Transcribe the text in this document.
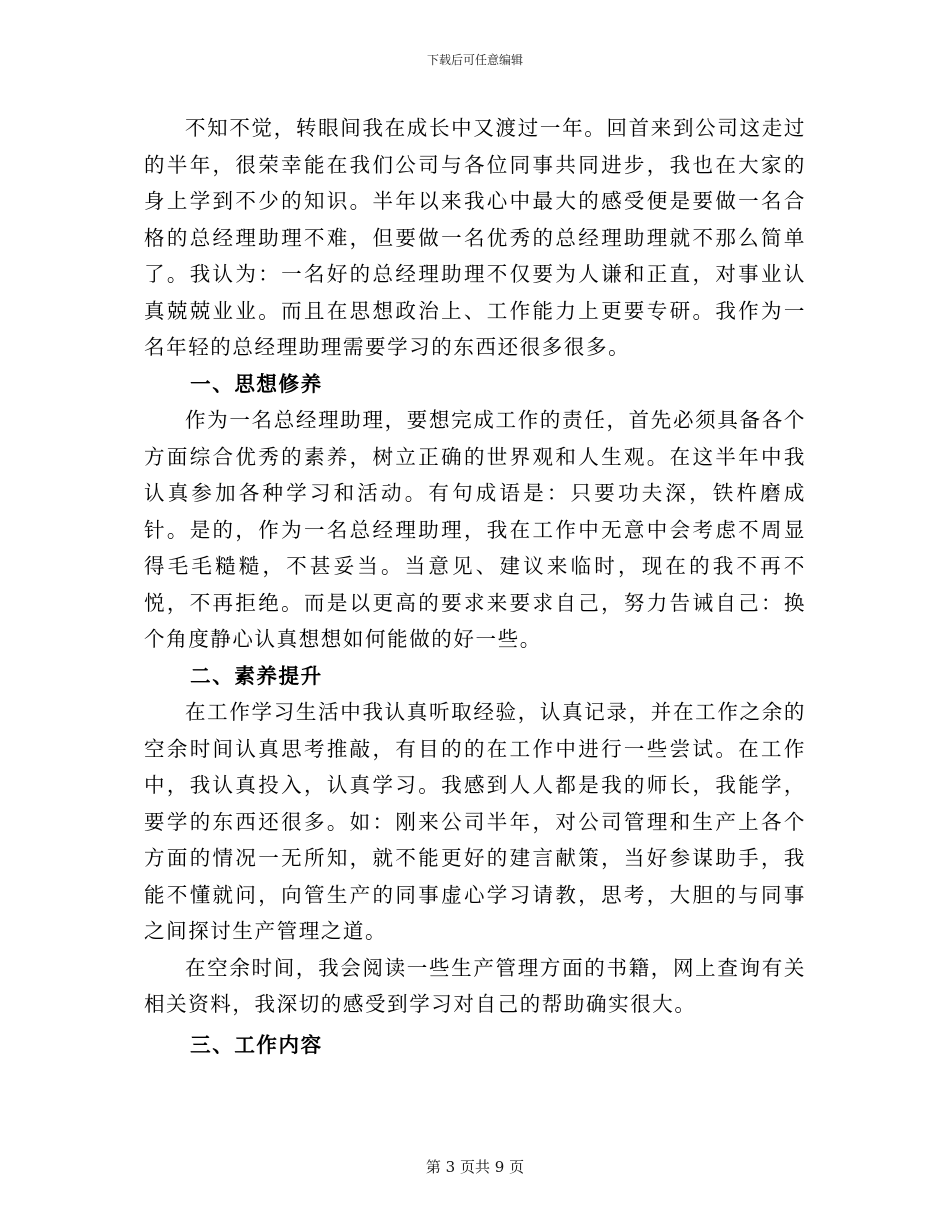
下载后可任意编辑

不知不觉，转眼间我在成长中又渡过一年。回首来到公司这走过的半年，很荣幸能在我们公司与各位同事共同进步，我也在大家的身上学到不少的知识。半年以来我心中最大的感受便是要做一名合格的总经理助理不难，但要做一名优秀的总经理助理就不那么简单了。我认为：一名好的总经理助理不仅要为人谦和正直，对事业认真兢兢业业。而且在思想政治上、工作能力上更要专研。我作为一名年轻的总经理助理需要学习的东西还很多很多。

一、思想修养

作为一名总经理助理，要想完成工作的责任，首先必须具备各个方面综合优秀的素养，树立正确的世界观和人生观。在这半年中我认真参加各种学习和活动。有句成语是：只要功夫深，铁杵磨成针。是的，作为一名总经理助理，我在工作中无意中会考虑不周显得毛毛糙糙，不甚妥当。当意见、建议来临时，现在的我不再不悦，不再拒绝。而是以更高的要求来要求自己，努力告诫自己：换个角度静心认真想想如何能做的好一些。

二、素养提升

在工作学习生活中我认真听取经验，认真记录，并在工作之余的空余时间认真思考推敲，有目的的在工作中进行一些尝试。在工作中，我认真投入，认真学习。我感到人人都是我的师长，我能学，要学的东西还很多。如：刚来公司半年，对公司管理和生产上各个方面的情况一无所知，就不能更好的建言献策，当好参谋助手，我能不懂就问，向管生产的同事虚心学习请教，思考，大胆的与同事之间探讨生产管理之道。

在空余时间，我会阅读一些生产管理方面的书籍，网上查询有关相关资料，我深切的感受到学习对自己的帮助确实很大。

三、工作内容

第 3 页共 9 页
